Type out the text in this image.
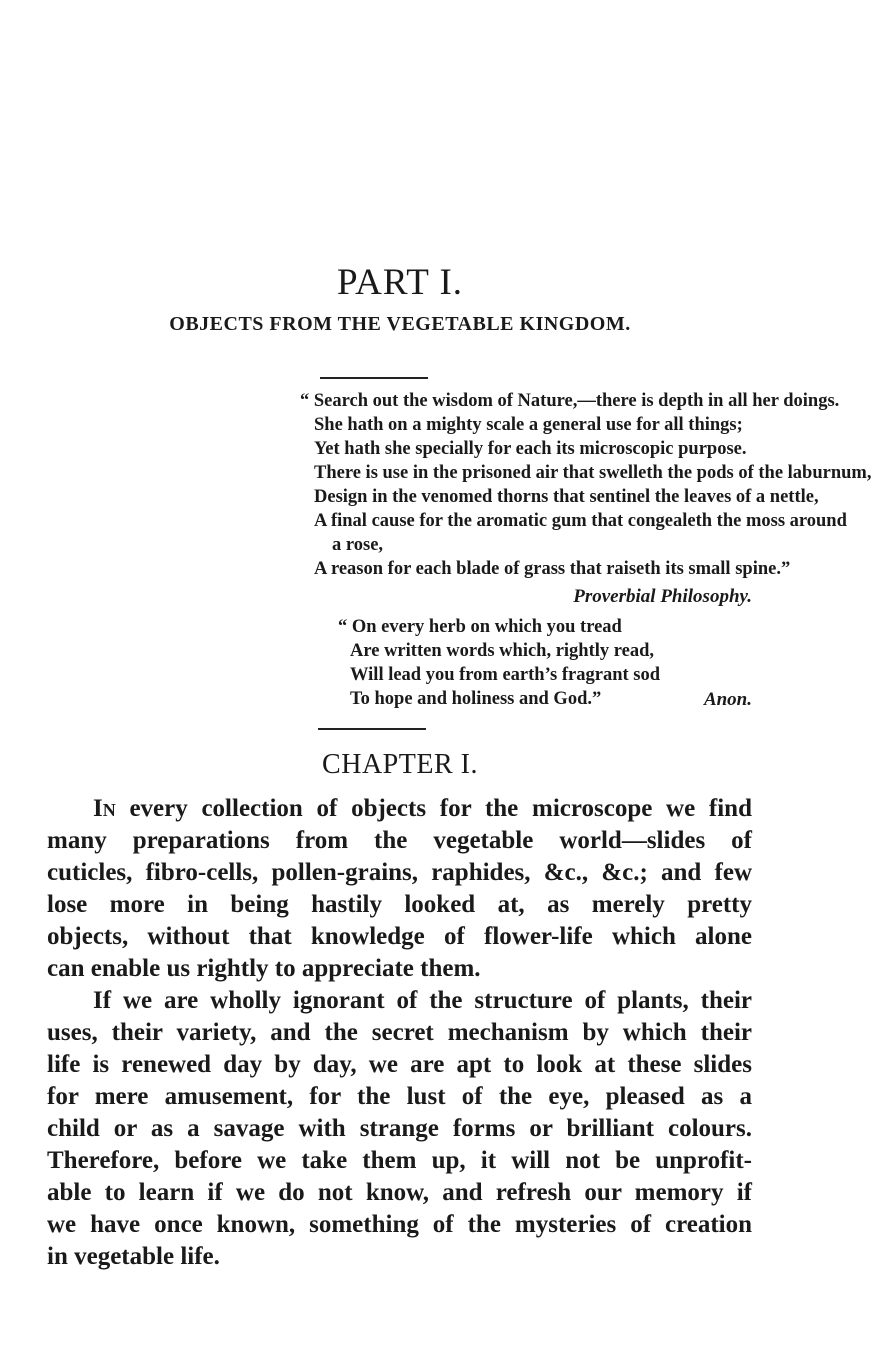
PART I.
OBJECTS FROM THE VEGETABLE KINGDOM.
“ Search out the wisdom of Nature,—there is depth in all her doings.
She hath on a mighty scale a general use for all things;
Yet hath she specially for each its microscopic purpose.
There is use in the prisoned air that swelleth the pods of the laburnum,
Design in the venomed thorns that sentinel the leaves of a nettle,
A final cause for the aromatic gum that congealeth the moss around
a rose,
A reason for each blade of grass that raiseth its small spine.”
Proverbial Philosophy.
“ On every herb on which you tread
Are written words which, rightly read,
Will lead you from earth’s fragrant sod
To hope and holiness and God.”	Anon.
CHAPTER I.
In every collection of objects for the microscope we find
many preparations from the vegetable world—slides of
cuticles, fibro-cells, pollen-grains, raphides, &c., &c.; and few
lose more in being hastily looked at, as merely pretty
objects, without that knowledge of flower-life which alone
can enable us rightly to appreciate them.
If we are wholly ignorant of the structure of plants, their
uses, their variety, and the secret mechanism by which their
life is renewed day by day, we are apt to look at these slides
for mere amusement, for the lust of the eye, pleased as a
child or as a savage with strange forms or brilliant colours.
Therefore, before we take them up, it will not be unprofit-
able to learn if we do not know, and refresh our memory if
we have once known, something of the mysteries of creation
in vegetable life.
